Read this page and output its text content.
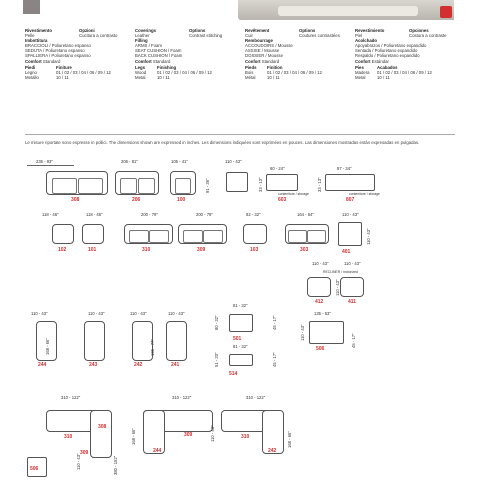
Rivestimento	Opzioni
Pelle	Cucitura a contrasto
Imbottitura
BRACCIOLI / Poliuretano espanso
SEDUTA / Poliuretano espanso
SPALLIERA / Poliuretano espanso
Comfort Standard
Piedi	Finiture
Legno	01 / 02 / 03 / 04 / 06 / 09 / 12
Metallo	10 / 11
Coverings	Options
Leather	Contrast stitching
Filling
ARMS / Foam
SEAT CUSHION / Foam
BACK CUSHION / Foam
Comfort Standard
Legs	Finishing
Wood	01 / 02 / 03 / 04 / 06 / 09 / 12
Metal	10 / 11
Revêtement	Options
Cuir	Coutures contrastées
Rembourrage
ACCOUDOIRS / Mousse
ASSISE / Mousse
DOSSIER / Mousse
Confort Standard
Pieds Finition
Bois	01 / 02 / 03 / 04 / 06 / 09 / 12
Métal	10 / 11
Revestimiento	Opciones
Piel	Costura a contraste
Acolchado
Apoyabrazos / Poliuretano expandido
Sentada / Poliuretano expandido
Respaldo / Poliuretano expandido
Confort Estándar
Pies	Acabados
Madera 01 / 02 / 03 / 04 / 06 / 09 / 12
Metal	10 / 11
Le misure riportate sono espresse in pollici. The dimensions shown are expressed in inches. Les dimensions indiquées sont exprimées en pouces. Las dimensiones mostradas están expresadas en pulgadas.
236 - 93"
308
206 - 81"
206
105 - 41"
100
91 - 36"
110 - 43"
60 - 24"
33 - 13"
contenitore / storage
603
87 - 34"
33 - 13"
contenitore / storage
807
118 - 46"
102
118 - 46"
101
200 - 79"
310
200 - 79"
309
82 - 32"
103
164 - 64"
303
110 - 43"
110 - 43"
401
110 - 43"	110 - 43"
RECLINER / motorized
110 - 43"
412	411
110 - 43"
168 - 66"
244
110 - 43"
243
110 - 43"
195 - 77"
242
110 - 43"
241
81 - 32"
80 - 32"	45 - 17"
501
81 - 32"
51 - 20"	45 - 17"
514
135 - 53"
110 - 43"	45 - 17"
506
310 - 122"
310
308
380 - 152"
506	110 - 43"
309
310 - 122"
168 - 66"
244
309
310 - 122"
168 - 66"
110 - 43"	310
242
